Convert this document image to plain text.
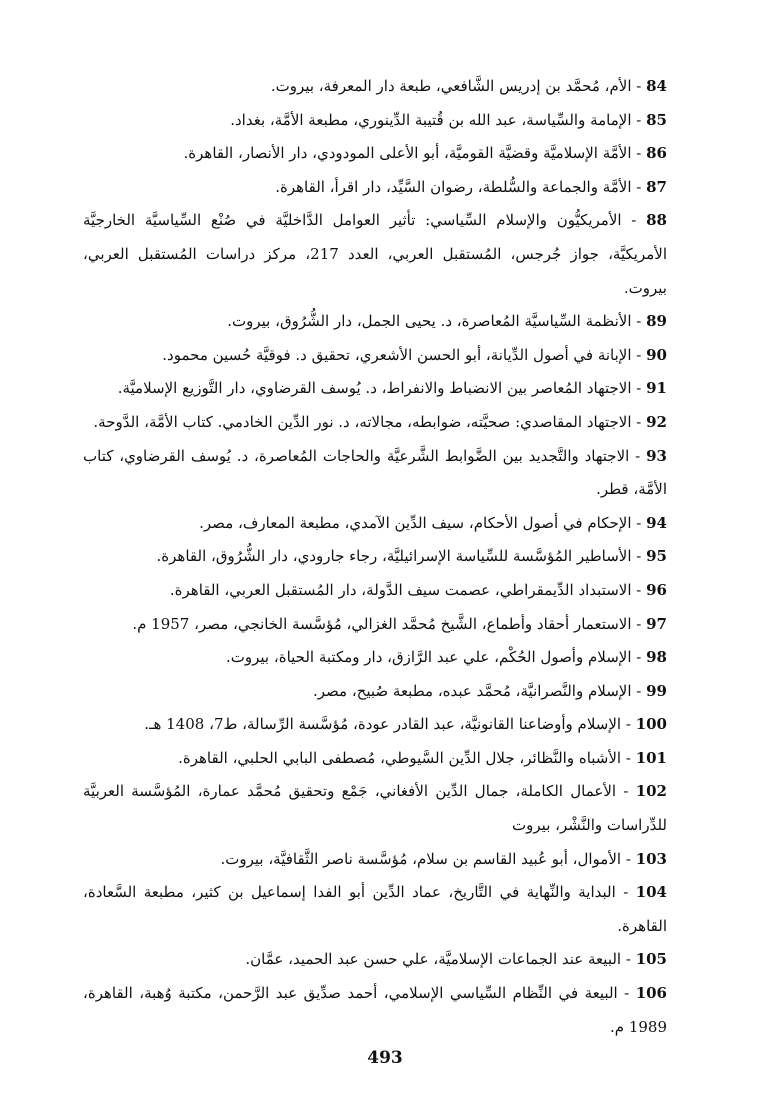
84 - الأم، مُحمَّد بن إدريس الشَّافعي، طبعة دار المعرفة، بيروت.

85 - الإمامة والسِّياسة، عبد الله بن قُتيبة الدِّينوري، مطبعة الأمَّة، بغداد.

86 - الأمَّة الإسلاميَّة وقضيَّة القوميَّة، أبو الأعلى المودودي، دار الأنصار، القاهرة.

87 - الأمَّة والجماعة والسُّلطة، رضوان السَّيِّد، دار اقرأ، القاهرة.

88 - الأمريكيُّون والإسلام السِّياسي: تأثير العوامل الدَّاخليَّة في صُنْع السِّياسيَّة الخارجيَّة الأمريكيَّة، جواز جُرجس، المُستقبل العربي، العدد 217، مركز دراسات المُستقبل العربي، بيروت.

89 - الأنظمة السِّياسيَّة المُعاصرة، د. يحيى الجمل، دار الشُّرُوق، بيروت.

90 - الإبانة في أصول الدِّيانة، أبو الحسن الأشعري، تحقيق د. فوقيَّة حُسين محمود.

91 - الاجتهاد المُعاصر بين الانضباط والانفراط، د. يُوسف القرضاوي، دار التَّوزيع الإسلاميَّة.

92 - الاجتهاد المقاصدي: صحيَّته، ضوابطه، مجالاته، د. نور الدِّين الخادمي. كتاب الأمَّة، الدَّوحة.

93 - الاجتهاد والتَّجديد بين الضَّوابط الشَّرعيَّة والحاجات المُعاصرة، د. يُوسف القرضاوي، كتاب الأمَّة، قطر.

94 - الإحكام في أصول الأحكام، سيف الدِّين الآمدي، مطبعة المعارف، مصر.

95 - الأساطير المُؤسَّسة للسِّياسة الإسرائيليَّة، رجاء جارودي، دار الشُّرُوق، القاهرة.

96 - الاستبداد الدِّيمقراطي، عصمت سيف الدَّولة، دار المُستقبل العربي، القاهرة.

97 - الاستعمار أحقاد وأطماع، الشَّيخ مُحمَّد الغزالي، مُؤسَّسة الخانجي، مصر، 1957 م.

98 - الإسلام وأصول الحُكْم، علي عبد الرَّازق، دار ومكتبة الحياة، بيروت.

99 - الإسلام والنَّصرانيَّة، مُحمَّد عبده، مطبعة صُبيح، مصر.

100 - الإسلام وأوضاعنا القانونيَّة، عبد القادر عودة، مُؤسَّسة الرِّسالة، ط7، 1408 هـ.

101 - الأشباه والنَّظائر، جلال الدِّين السَّيوطي، مُصطفى البابي الحلبي، القاهرة.

102 - الأعمال الكاملة، جمال الدِّين الأفغاني، جَمْع وتحقيق مُحمَّد عمارة، المُؤسَّسة العربيَّة للدِّراسات والنَّشْر، بيروت

103 - الأموال، أبو عُبيد القاسم بن سلام، مُؤسَّسة ناصر الثَّقافيَّة، بيروت.

104 - البداية والنِّهاية في التَّاريخ، عماد الدِّين أبو الفدا إسماعيل بن كثير، مطبعة السَّعادة، القاهرة.

105 - البيعة عند الجماعات الإسلاميَّة، علي حسن عبد الحميد، عمَّان.

106 - البيعة في النِّظام السِّياسي الإسلامي، أحمد صدِّيق عبد الرَّحمن، مكتبة وُهبة، القاهرة، 1989 م.

493
